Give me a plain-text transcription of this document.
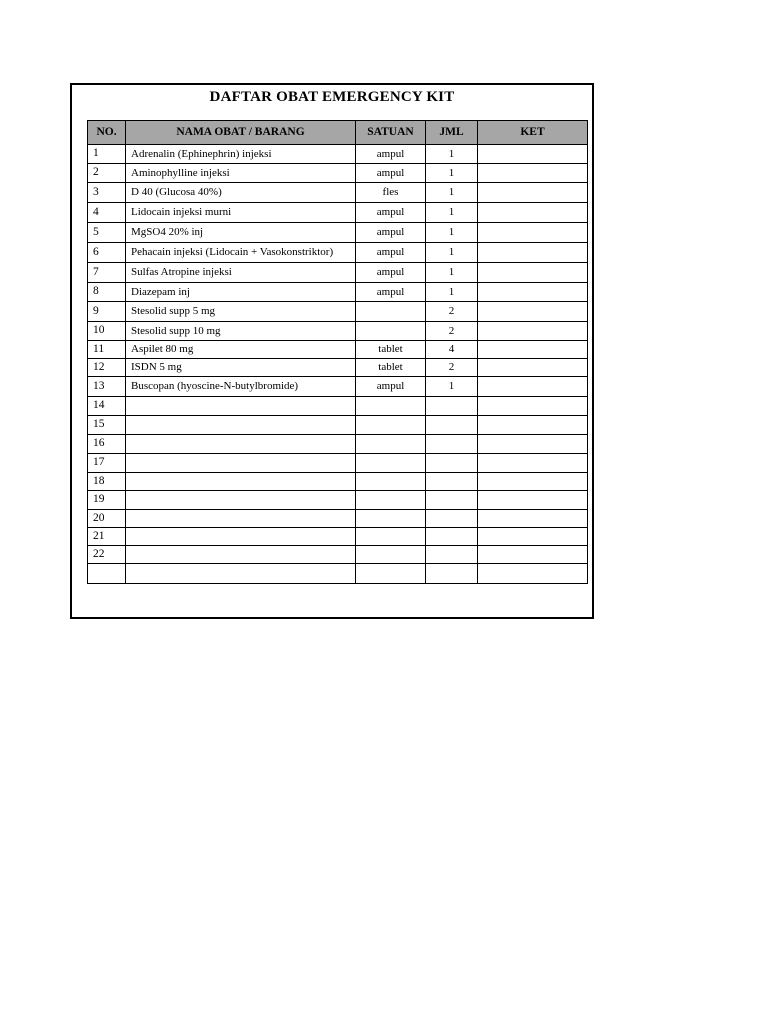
DAFTAR OBAT EMERGENCY KIT
NO.	NAMA OBAT / BARANG	SATUAN	JML	KET
1	Adrenalin (Ephinephrin) injeksi	ampul	1	
2	Aminophylline injeksi	ampul	1	
3	D 40 (Glucosa 40%)	fles	1	
4	Lidocain injeksi murni	ampul	1	
5	MgSO4 20% inj	ampul	1	
6	Pehacain injeksi (Lidocain + Vasokonstriktor)	ampul	1	
7	Sulfas Atropine injeksi	ampul	1	
8	Diazepam inj	ampul	1	
9	Stesolid supp 5 mg		2	
10	Stesolid supp 10 mg		2	
11	Aspilet 80 mg	tablet	4	
12	ISDN 5 mg	tablet	2	
13	Buscopan (hyoscine-N-butylbromide)	ampul	1	
14				
15				
16				
17				
18				
19				
20				
21				
22				
